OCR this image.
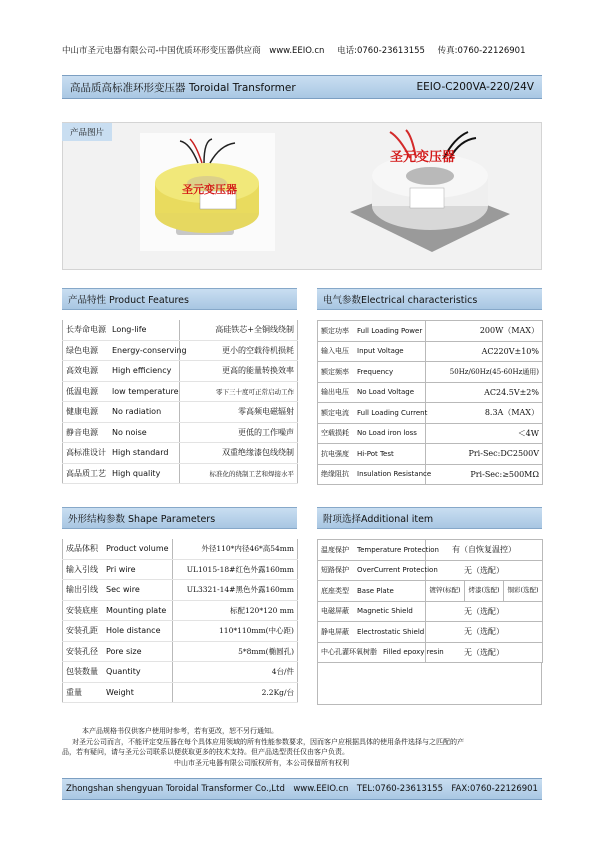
中山市圣元电器有限公司-中国优质环形变压器供应商 www.EEIO.cn 电话:0760-23613155 传真:0760-22126901
高品质高标准环形变压器 Toroidal Transformer	EEIO-C200VA-220/24V
产品图片
圣元变压器
圣元变压器
产品特性 Product Features
长寿命电源 Long-life	高硅铁芯+全铜线绕制
绿色电源 Energy-conserving	更小的空载待机损耗
高效电源 High efficiency	更高的能量转换效率
低温电源 low temperature	零下三十度可正常启动工作
健康电源 No radiation	零高频电磁辐射
静音电源 No noise	更低的工作噪声
高标准设计 High standard	双重绝缘漆包线绕制
高品质工艺 High quality	标准化的绕制工艺和焊接水平
电气参数Electrical characteristics
额定功率 Full Loading Power	200W（MAX）
输入电压 Input Voltage	AC220V±10%
额定频率 Frequency	50Hz/60Hz(45-60Hz通用)
输出电压 No Load Voltage	AC24.5V±2%
额定电流 Full Loading Current	8.3A（MAX）
空载损耗 No Load iron loss	＜4W
抗电强度 Hi-Pot Test	Pri-Sec:DC2500V
绝缘阻抗 Insulation Resistance	Pri-Sec:≥500MΩ
外形结构参数 Shape Parameters
成品体积 Product volume	外径110*内径46*高54mm
输入引线 Pri wire	UL1015-18#红色外露160mm
输出引线 Sec wire	UL3321-14#黑色外露160mm
安装底座 Mounting plate	标配120*120 mm
安装孔距 Hole distance	110*110mm(中心距)
安装孔径 Pore size	5*8mm(椭圆孔)
包装数量 Quantity	4台/件
重量 Weight	2.2Kg/台
附项选择Additional item
温度保护 Temperature Protection	有（自恢复温控）
短路保护 OverCurrent Protection	无（选配）
底座类型 Base Plate	镀锌(标配) 烤漆(选配) 铜彩(选配)

电磁屏蔽 Magnetic Shield	无（选配）
静电屏蔽 Electrostatic Shield	无（选配）
中心孔灌环氧树脂 Filled epoxy resin	无（选配）
本产品规格书仅供客户使用时参考，若有更改，恕不另行通知。
对圣元公司而言，不能评定变压器在每个具体应用领域的所有性能参数要求，因而客户应根据具体的使用条件选择与之匹配的产
品，若有疑问，请与圣元公司联系以便获取更多的技术支持。但产品选型责任仅由客户负责。
中山市圣元电器有限公司版权所有，本公司保留所有权利
Zhongshan shengyuan Toroidal Transformer Co.,Ltd www.EEIO.cn TEL:0760-23613155 FAX:0760-22126901
